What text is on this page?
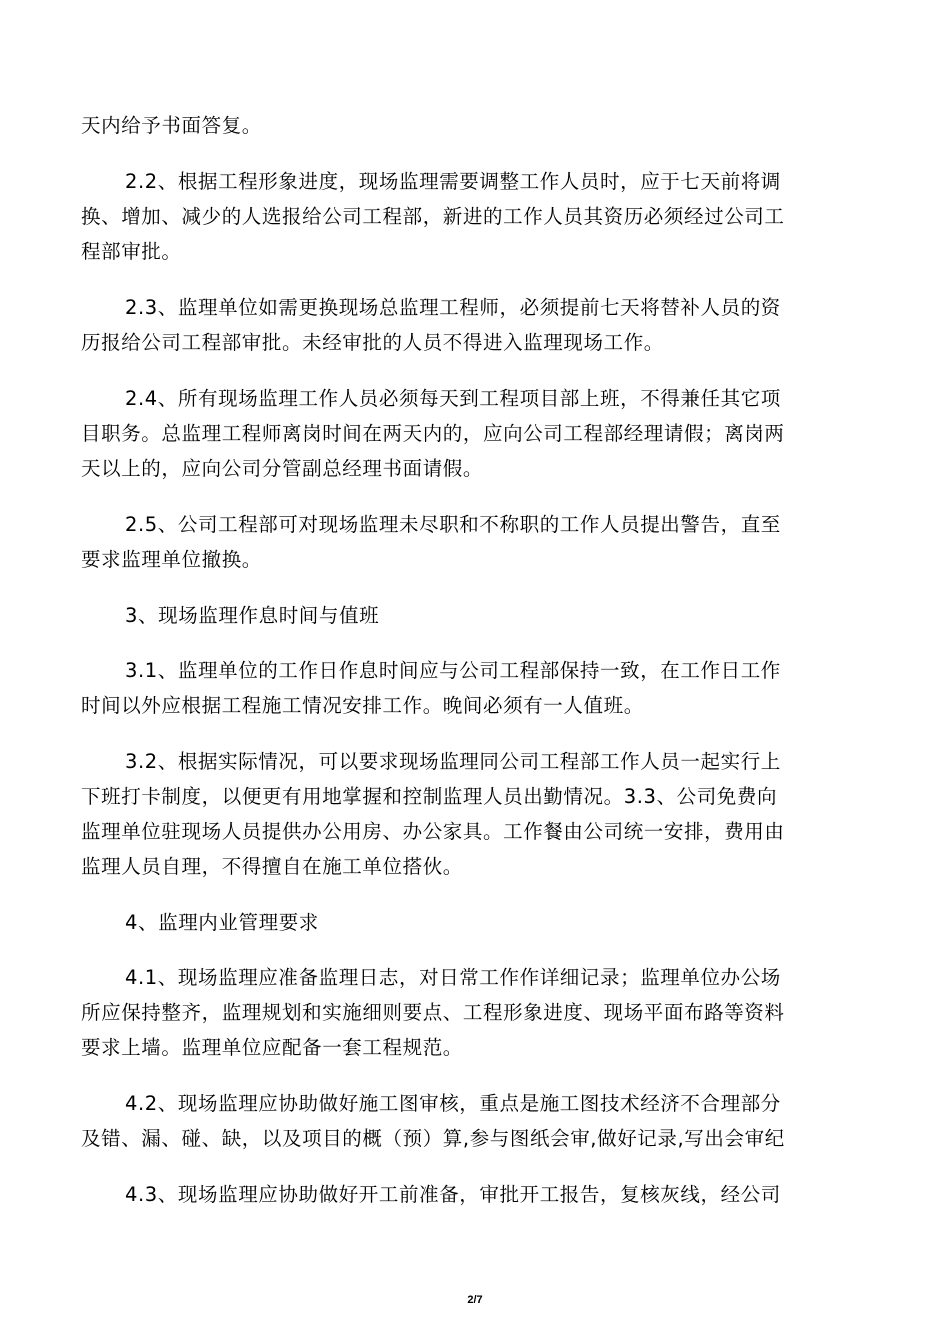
天内给予书面答复。
2.2、根据工程形象进度，现场监理需要调整工作人员时，应于七天前将调
换、增加、减少的人选报给公司工程部，新进的工作人员其资历必须经过公司工
程部审批。
2.3、监理单位如需更换现场总监理工程师，必须提前七天将替补人员的资
历报给公司工程部审批。未经审批的人员不得进入监理现场工作。
2.4、所有现场监理工作人员必须每天到工程项目部上班，不得兼任其它项
目职务。总监理工程师离岗时间在两天内的，应向公司工程部经理请假；离岗两
天以上的，应向公司分管副总经理书面请假。
2.5、公司工程部可对现场监理未尽职和不称职的工作人员提出警告，直至
要求监理单位撤换。
3、现场监理作息时间与值班
3.1、监理单位的工作日作息时间应与公司工程部保持一致，在工作日工作
时间以外应根据工程施工情况安排工作。晚间必须有一人值班。
3.2、根据实际情况，可以要求现场监理同公司工程部工作人员一起实行上
下班打卡制度，以便更有用地掌握和控制监理人员出勤情况。3.3、公司免费向
监理单位驻现场人员提供办公用房、办公家具。工作餐由公司统一安排，费用由
监理人员自理，不得擅自在施工单位搭伙。
4、监理内业管理要求
4.1、现场监理应准备监理日志，对日常工作作详细记录；监理单位办公场
所应保持整齐，监理规划和实施细则要点、工程形象进度、现场平面布路等资料
要求上墙。监理单位应配备一套工程规范。
4.2、现场监理应协助做好施工图审核，重点是施工图技术经济不合理部分
及错、漏、碰、缺，以及项目的概（预）算,参与图纸会审,做好记录,写出会审纪
4.3、现场监理应协助做好开工前准备，审批开工报告，复核灰线，经公司
2/7
